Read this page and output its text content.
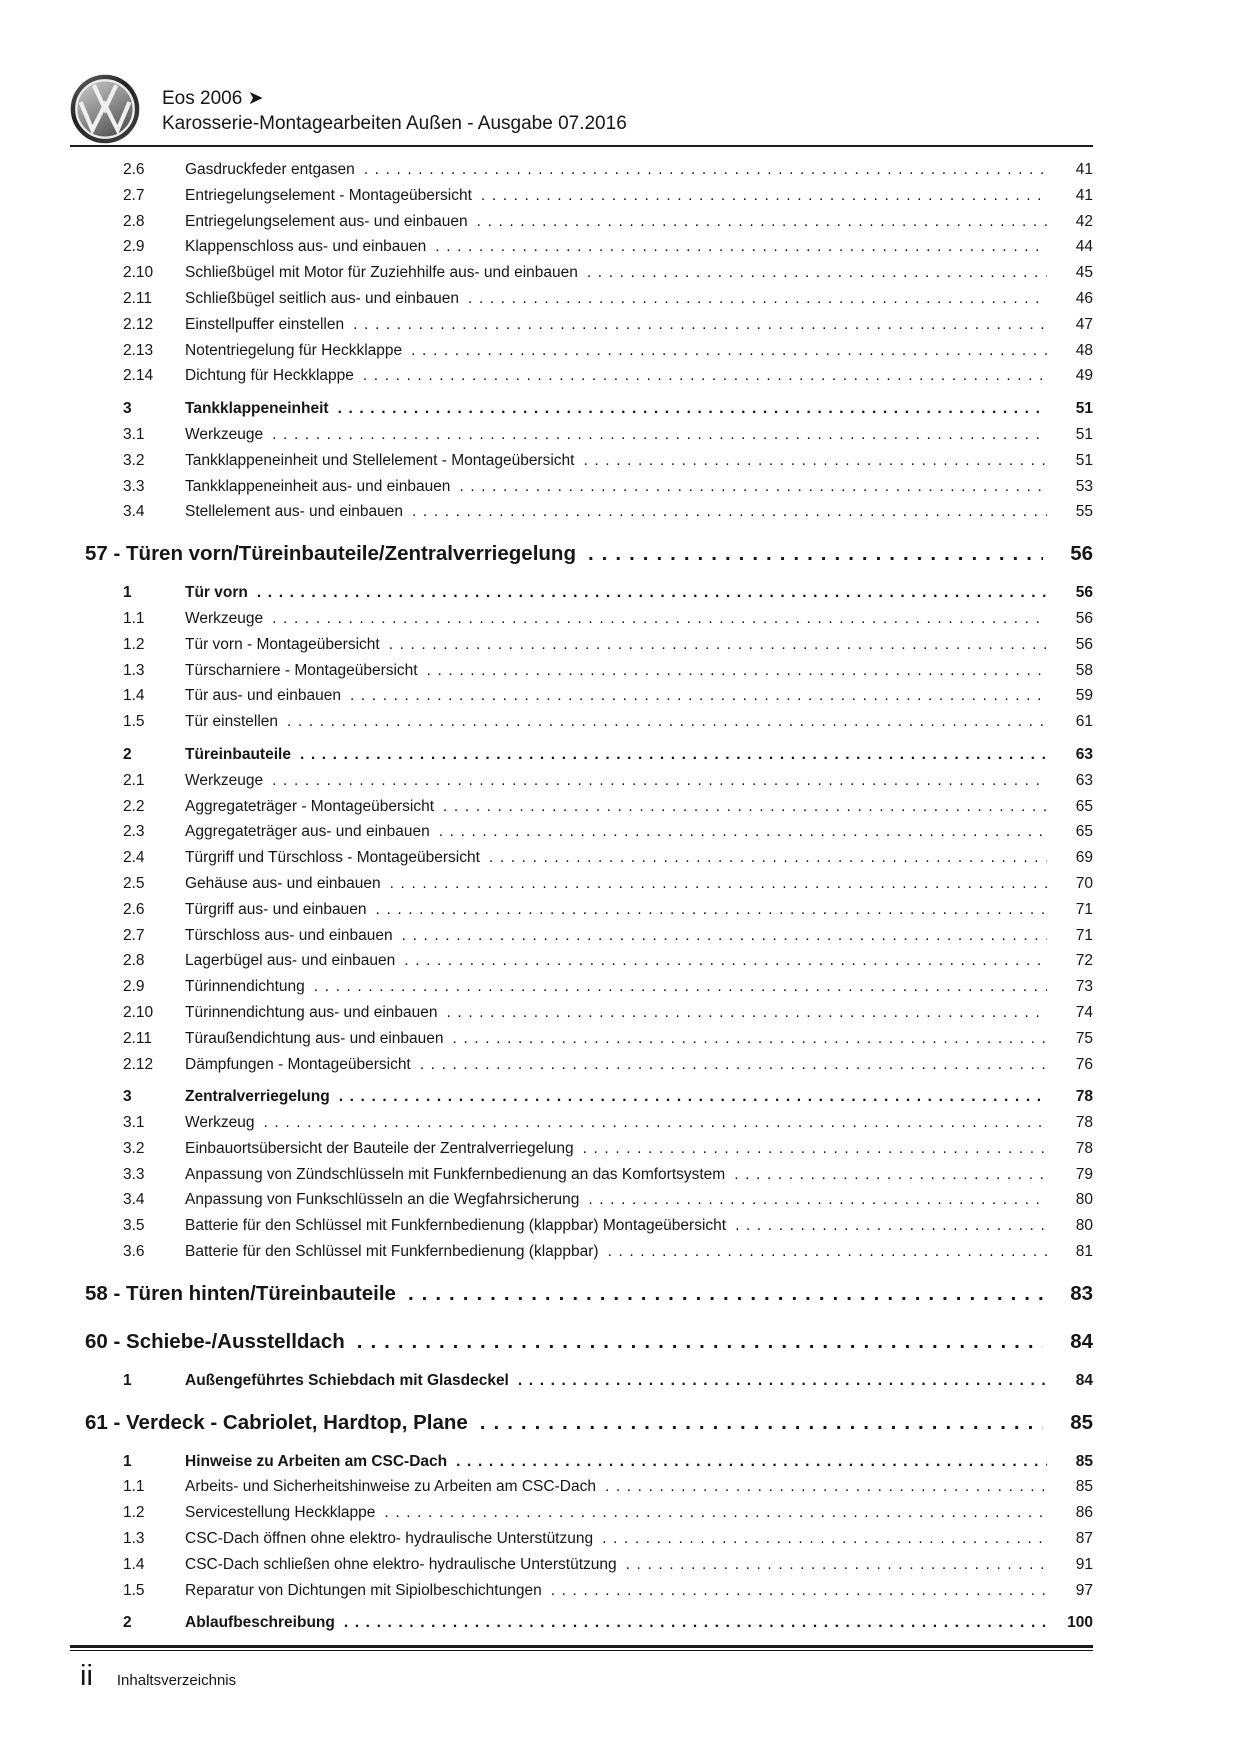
Eos 2006 ➤
Karosserie-Montagearbeiten Außen - Ausgabe 07.2016
2.6	Gasdruckfeder entgasen .....	41
2.7	Entriegelungselement - Montageübersicht .....	41
2.8	Entriegelungselement aus- und einbauen .....	42
2.9	Klappenschloss aus- und einbauen .....	44
2.10	Schließbügel mit Motor für Zuziehhilfe aus- und einbauen .....	45
2.11	Schließbügel seitlich aus- und einbauen .....	46
2.12	Einstellpuffer einstellen .....	47
2.13	Notentriegelung für Heckklappe .....	48
2.14	Dichtung für Heckklappe .....	49
3	Tankklappeneinheit .....	51
3.1	Werkzeuge .....	51
3.2	Tankklappeneinheit und Stellelement - Montageübersicht .....	51
3.3	Tankklappeneinheit aus- und einbauen .....	53
3.4	Stellelement aus- und einbauen .....	55
57 - Türen vorn/Türeinbauteile/Zentralverriegelung .....	56
1	Tür vorn .....	56
1.1	Werkzeuge .....	56
1.2	Tür vorn - Montageübersicht .....	56
1.3	Türscharniere - Montageübersicht .....	58
1.4	Tür aus- und einbauen .....	59
1.5	Tür einstellen .....	61
2	Türeinbauteile .....	63
2.1	Werkzeuge .....	63
2.2	Aggregateträger - Montageübersicht .....	65
2.3	Aggregateträger aus- und einbauen .....	65
2.4	Türgriff und Türschloss - Montageübersicht .....	69
2.5	Gehäuse aus- und einbauen .....	70
2.6	Türgriff aus- und einbauen .....	71
2.7	Türschloss aus- und einbauen .....	71
2.8	Lagerbügel aus- und einbauen .....	72
2.9	Türinnendichtung .....	73
2.10	Türinnendichtung aus- und einbauen .....	74
2.11	Türaußendichtung aus- und einbauen .....	75
2.12	Dämpfungen - Montageübersicht .....	76
3	Zentralverriegelung .....	78
3.1	Werkzeug .....	78
3.2	Einbauortsübersicht der Bauteile der Zentralverriegelung .....	78
3.3	Anpassung von Zündschlüsseln mit Funkfernbedienung an das Komfortsystem .....	79
3.4	Anpassung von Funkschlüsseln an die Wegfahrsicherung .....	80
3.5	Batterie für den Schlüssel mit Funkfernbedienung (klappbar) Montageübersicht .....	80
3.6	Batterie für den Schlüssel mit Funkfernbedienung (klappbar) .....	81
58 - Türen hinten/Türeinbauteile .....	83
60 - Schiebe-/Ausstelldach .....	84
1	Außengeführtes Schiebdach mit Glasdeckel .....	84
61 - Verdeck - Cabriolet, Hardtop, Plane .....	85
1	Hinweise zu Arbeiten am CSC-Dach .....	85
1.1	Arbeits- und Sicherheitshinweise zu Arbeiten am CSC-Dach .....	85
1.2	Servicestellung Heckklappe .....	86
1.3	CSC-Dach öffnen ohne elektro- hydraulische Unterstützung .....	87
1.4	CSC-Dach schließen ohne elektro- hydraulische Unterstützung .....	91
1.5	Reparatur von Dichtungen mit Sipiolbeschichtungen .....	97
2	Ablaufbeschreibung .....	100
ii Inhaltsverzeichnis
